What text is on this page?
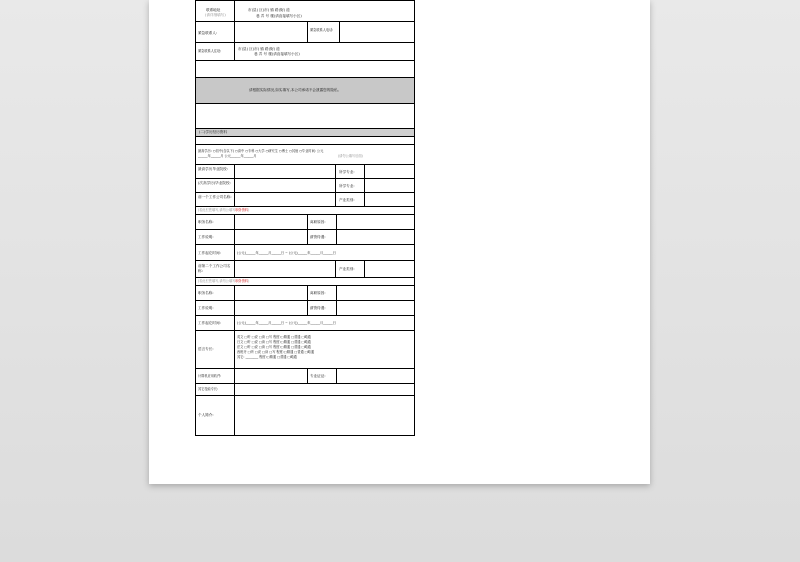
联系地址
(请详细填写)
市(县) 区(市) 镇 路(街) 道
巷 弄 号 楼(请直接填写小区)
紧急联系人:
紧急联系人电话:
紧急联系人住址:	市(县) 区(市) 镇 路(街) 道
巷 弄 号 楼(请直接填写小区)
请根据实际情况,如实填写,本公司承诺不会泄露您的隐私。
(二)学历经历资料
最高学历: ○初中(含以下) ○高中 ○专科 ○大学 ○研究生 ○博士 ○其他 ○毕业时间: 公元
______年______月 公元______年______月	(请勿公填写后面)
最高学历毕业院校:
所学专业:
(次高学历)毕业院校:
所学专业:
前一个工作公司名称:
产业类别:
(若此栏您填写,请勿公填写职务资料)
职务名称:	离职原因:
工作说明:	薪资待遇:
工作起讫时间:	(公元)______年______月______日 ~ (公元)______年______月______日
前第二个工作公司名称:	产业类别:
(若此栏您填写,请勿公填写职务资料)
职务名称:	离职原因:
工作说明:	薪资待遇:
工作起讫时间:	(公元)______年______月______日 ~ (公元)______年______月______日
语言专长:
英文 □听 □说 □读 □写 程度:□精通 □普通 □略通
日文 □听 □说 □读 □写 程度:□精通 □普通 □略通
法文 □听 □说 □读 □写 程度:□精通 □普通 □略通
西班牙 □听 □说 □读 □写 程度:□精通 □普通 □略通
其它: ________ 程度:□精通 □普通 □略通
计算机应用软件:	专业证证:
其它技能专长:
个人简介:
